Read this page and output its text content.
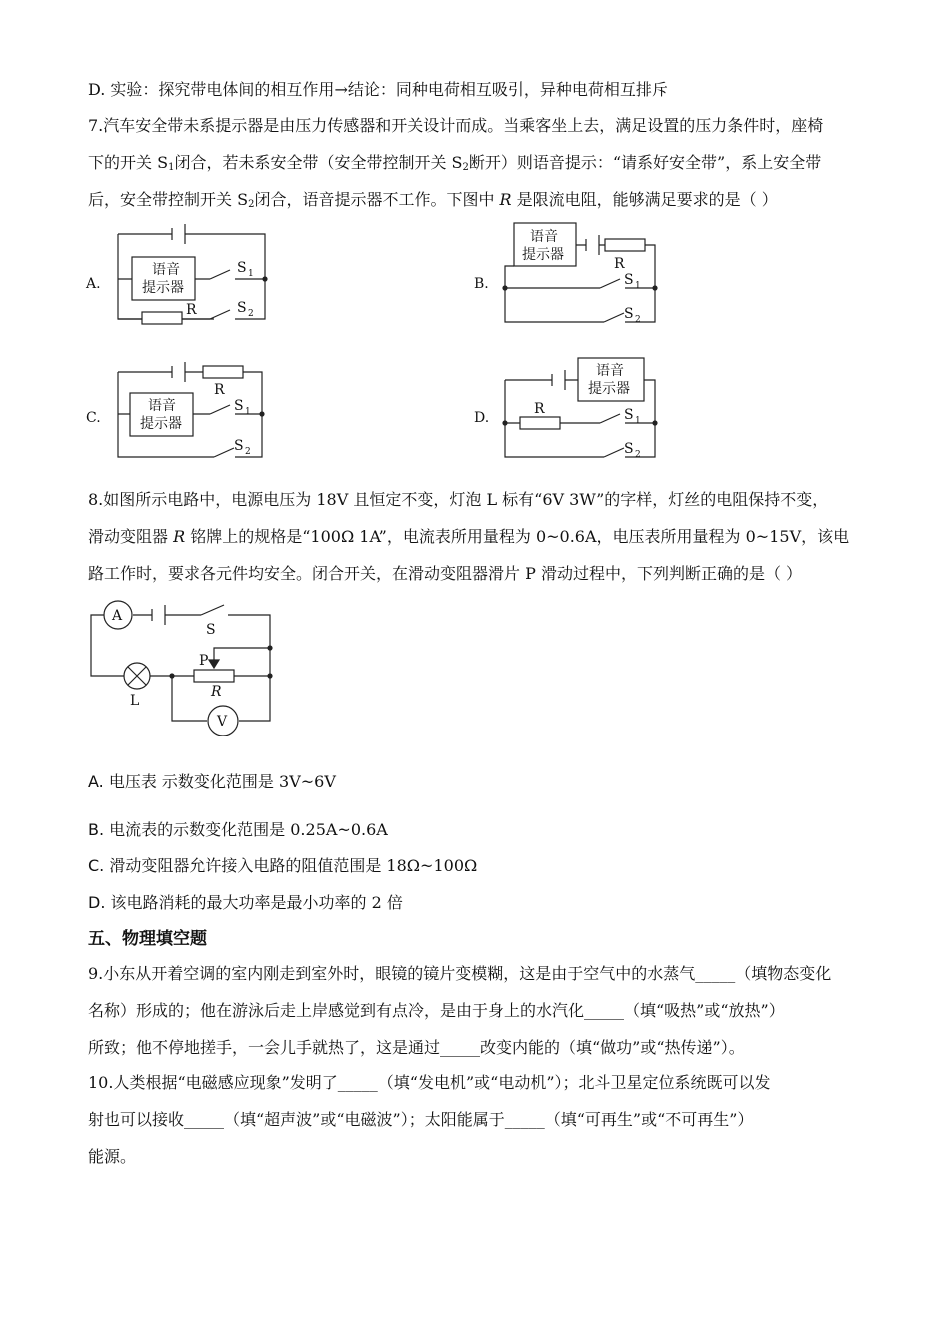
D. 实验：探究带电体间的相互作用→结论：同种电荷相互吸引，异种电荷相互排斥
7.汽车安全带未系提示器是由压力传感器和开关设计而成。当乘客坐上去，满足设置的压力条件时，座椅
下的开关 $S_1$闭合，若未系安全带（安全带控制开关 $S_2$断开）则语音提示：“请系好安全带”，系上安全带
后，安全带控制开关 $S_2$闭合，语音提示器不工作。下图中 R 是限流电阻，能够满足要求的是（ ）
A.	B.
C.	D.
语音
提示器
R
S 1
S 2
语音
提示器
R
S 1
S 2
R
语音
提示器
S 1
S 2
语音
提示器
R	S 1
S 2
8.如图所示电路中，电源电压为 18V 且恒定不变，灯泡 L 标有“6V 3W”的字样，灯丝的电阻保持不变，
滑动变阻器 R 铭牌上的规格是“100Ω 1A”，电流表所用量程为 0~0.6A，电压表所用量程为 0~15V，该电
路工作时，要求各元件均安全。闭合开关，在滑动变阻器滑片 P 滑动过程中，下列判断正确的是（ ）
A
V
S
L
P
R
A. 电压表 示数变化范围是 3V~6V
B. 电流表的示数变化范围是 0.25A~0.6A
C. 滑动变阻器允许接入电路的阻值范围是 18Ω~100Ω
D. 该电路消耗的最大功率是最小功率的 2 倍
五、物理填空题
9.小东从开着空调的室内刚走到室外时，眼镜的镜片变模糊，这是由于空气中的水蒸气_____（填物态变化
名称）形成的；他在游泳后走上岸感觉到有点冷，是由于身上的水汽化_____（填“吸热”或“放热”）
所致；他不停地搓手，一会儿手就热了，这是通过_____改变内能的（填“做功”或“热传递”）。
10.人类根据“电磁感应现象”发明了_____（填“发电机”或“电动机”）；北斗卫星定位系统既可以发
射也可以接收_____（填“超声波”或“电磁波”）；太阳能属于_____（填“可再生”或“不可再生”）
能源。
